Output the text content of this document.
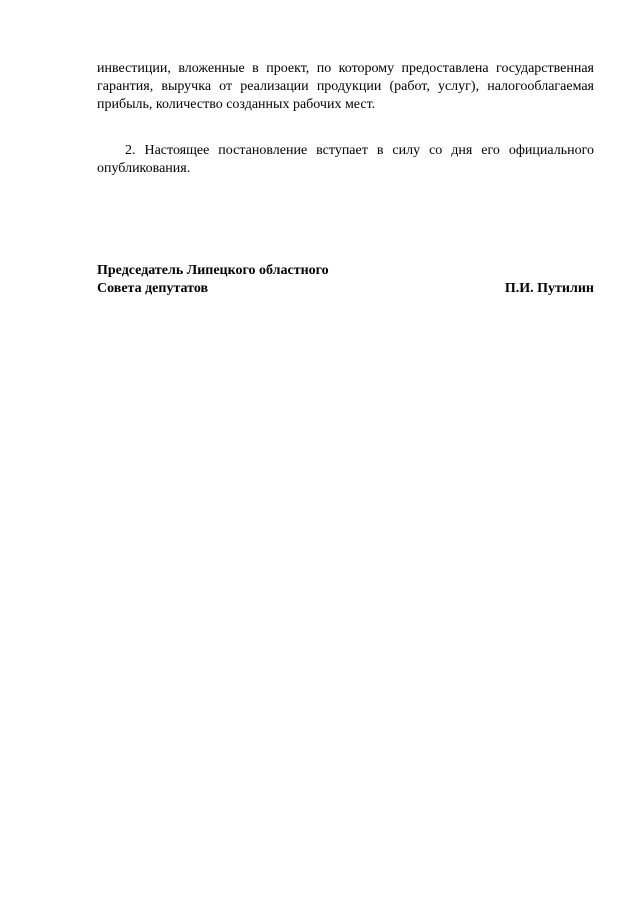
инвестиции, вложенные в проект, по которому предоставлена государственная гарантия, выручка от реализации продукции (работ, услуг), налогооблагаемая прибыль, количество созданных рабочих мест.

2. Настоящее постановление вступает в силу со дня его официального опубликования.

Председатель Липецкого областного
Совета депутатов	П.И. Путилин
